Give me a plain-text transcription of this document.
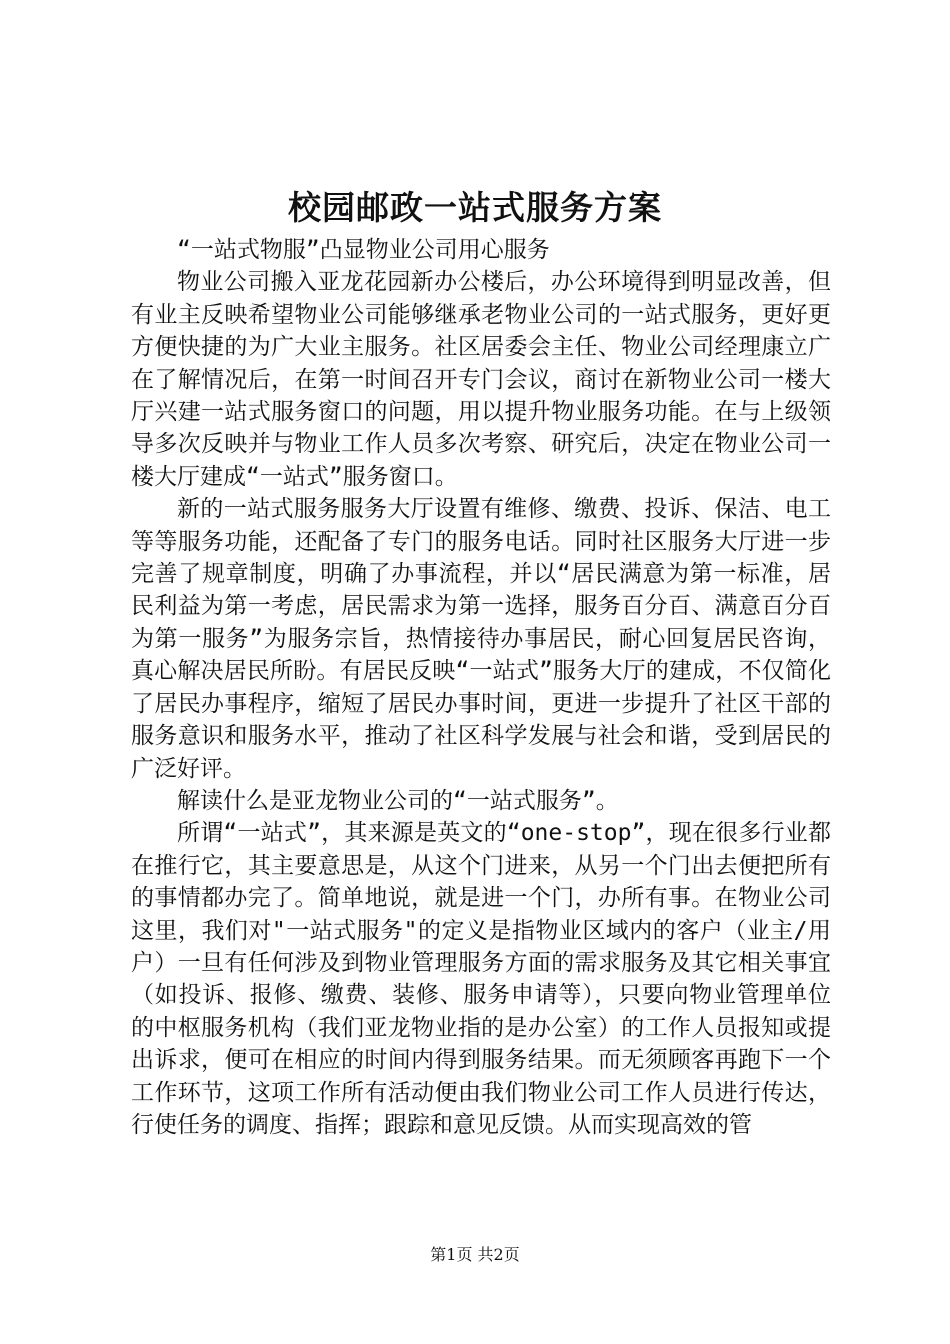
校园邮政一站式服务方案

“一站式物服”凸显物业公司用心服务

物业公司搬入亚龙花园新办公楼后，办公环境得到明显改善，但有业主反映希望物业公司能够继承老物业公司的一站式服务，更好更方便快捷的为广大业主服务。社区居委会主任、物业公司经理康立广在了解情况后，在第一时间召开专门会议，商讨在新物业公司一楼大厅兴建一站式服务窗口的问题，用以提升物业服务功能。在与上级领导多次反映并与物业工作人员多次考察、研究后，决定在物业公司一楼大厅建成“一站式”服务窗口。

新的一站式服务服务大厅设置有维修、缴费、投诉、保洁、电工等等服务功能，还配备了专门的服务电话。同时社区服务大厅进一步完善了规章制度，明确了办事流程，并以“居民满意为第一标准，居民利益为第一考虑，居民需求为第一选择，服务百分百、满意百分百为第一服务”为服务宗旨，热情接待办事居民，耐心回复居民咨询，真心解决居民所盼。有居民反映“一站式”服务大厅的建成，不仅简化了居民办事程序，缩短了居民办事时间，更进一步提升了社区干部的服务意识和服务水平，推动了社区科学发展与社会和谐，受到居民的广泛好评。

解读什么是亚龙物业公司的“一站式服务”。

所谓“一站式”，其来源是英文的“one-stop”，现在很多行业都在推行它，其主要意思是，从这个门进来，从另一个门出去便把所有的事情都办完了。简单地说，就是进一个门，办所有事。在物业公司这里，我们对"一站式服务"的定义是指物业区域内的客户（业主/用户）一旦有任何涉及到物业管理服务方面的需求服务及其它相关事宜（如投诉、报修、缴费、装修、服务申请等），只要向物业管理单位的中枢服务机构（我们亚龙物业指的是办公室）的工作人员报知或提出诉求，便可在相应的时间内得到服务结果。而无须顾客再跑下一个工作环节，这项工作所有活动便由我们物业公司工作人员进行传达，行使任务的调度、指挥；跟踪和意见反馈。从而实现高效的管

第1页 共2页
